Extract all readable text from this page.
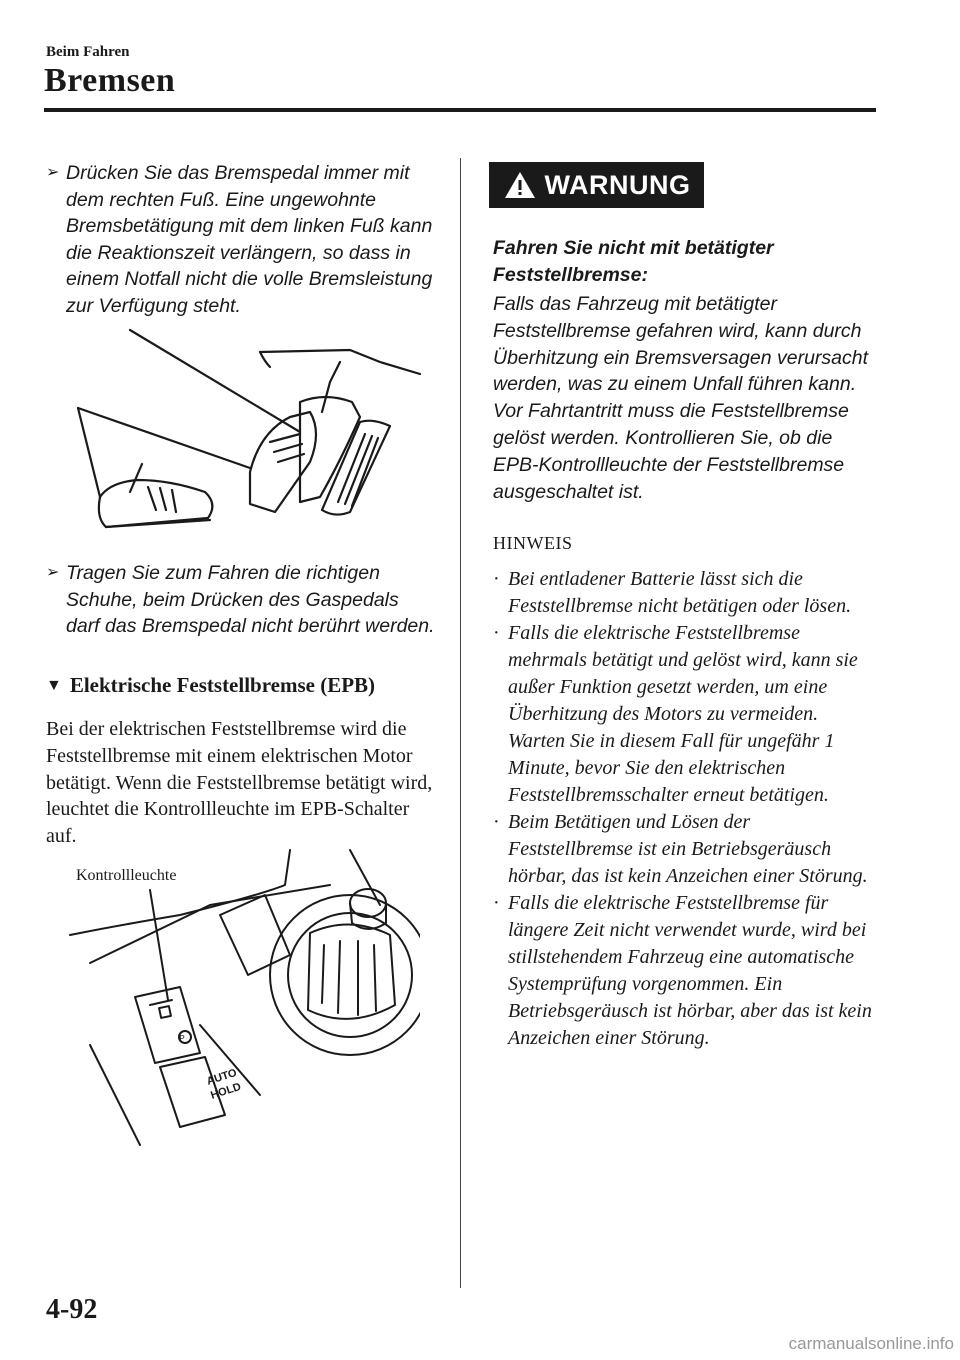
Beim Fahren
Bremsen
➢ Drücken Sie das Bremspedal immer mit dem rechten Fuß. Eine ungewohnte Bremsbetätigung mit dem linken Fuß kann die Reaktionszeit verlängern, so dass in einem Notfall nicht die volle Bremsleistung zur Verfügung steht.
➢ Tragen Sie zum Fahren die richtigen Schuhe, beim Drücken des Gaspedals darf das Bremspedal nicht berührt werden.
▼ Elektrische Feststellbremse (EPB)
Bei der elektrischen Feststellbremse wird die Feststellbremse mit einem elektrischen Motor betätigt. Wenn die Feststellbremse betätigt wird, leuchtet die Kontrollleuchte im EPB-Schalter auf.
Kontrollleuchte
P
AUTO
HOLD
WARNUNG
Fahren Sie nicht mit betätigter Feststellbremse:
Falls das Fahrzeug mit betätigter Feststellbremse gefahren wird, kann durch Überhitzung ein Bremsversagen verursacht werden, was zu einem Unfall führen kann. Vor Fahrtantritt muss die Feststellbremse gelöst werden. Kontrollieren Sie, ob die EPB-Kontrollleuchte der Feststellbremse ausgeschaltet ist.
HINWEIS
· Bei entladener Batterie lässt sich die Feststellbremse nicht betätigen oder lösen.
· Falls die elektrische Feststellbremse mehrmals betätigt und gelöst wird, kann sie außer Funktion gesetzt werden, um eine Überhitzung des Motors zu vermeiden. Warten Sie in diesem Fall für ungefähr 1 Minute, bevor Sie den elektrischen Feststellbremsschalter erneut betätigen.
· Beim Betätigen und Lösen der Feststellbremse ist ein Betriebsgeräusch hörbar, das ist kein Anzeichen einer Störung.
· Falls die elektrische Feststellbremse für längere Zeit nicht verwendet wurde, wird bei stillstehendem Fahrzeug eine automatische Systemprüfung vorgenommen. Ein Betriebsgeräusch ist hörbar, aber das ist kein Anzeichen einer Störung.
4-92
carmanualsonline.info
